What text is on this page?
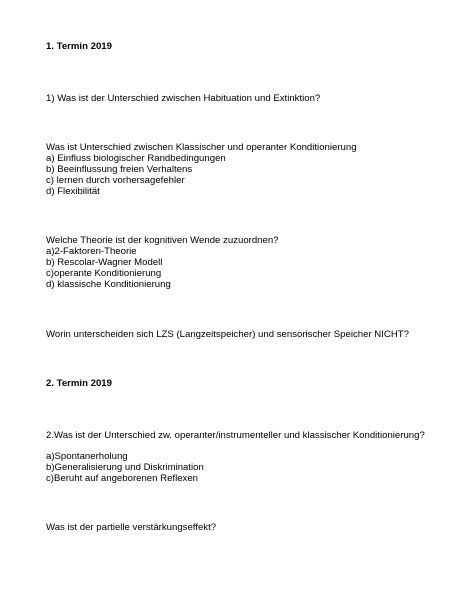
1. Termin 2019
1) Was ist der Unterschied zwischen Habituation und Extinktion?
Was ist Unterschied zwischen Klassischer und operanter Konditionierung
a) Einfluss biologischer Randbedingungen
b) Beeinflussung freien Verhaltens
c) lernen durch vorhersagefehler
d) Flexibilität
Welche Theorie ist der kognitiven Wende zuzuordnen?
a)2-Faktoren-Theorie
b) Rescolar-Wagner Modell
c)operante Konditionierung
d) klassische Konditionierung
Worin unterscheiden sich LZS (Langzeitspeicher) und sensorischer Speicher NICHT?
2. Termin 2019
2.Was ist der Unterschied zw. operanter/instrumenteller und klassischer Konditionierung?
a)Spontanerholung
b)Generalisierung und Diskrimination
c)Beruht auf angeborenen Reflexen
Was ist der partielle verstärkungseffekt?
